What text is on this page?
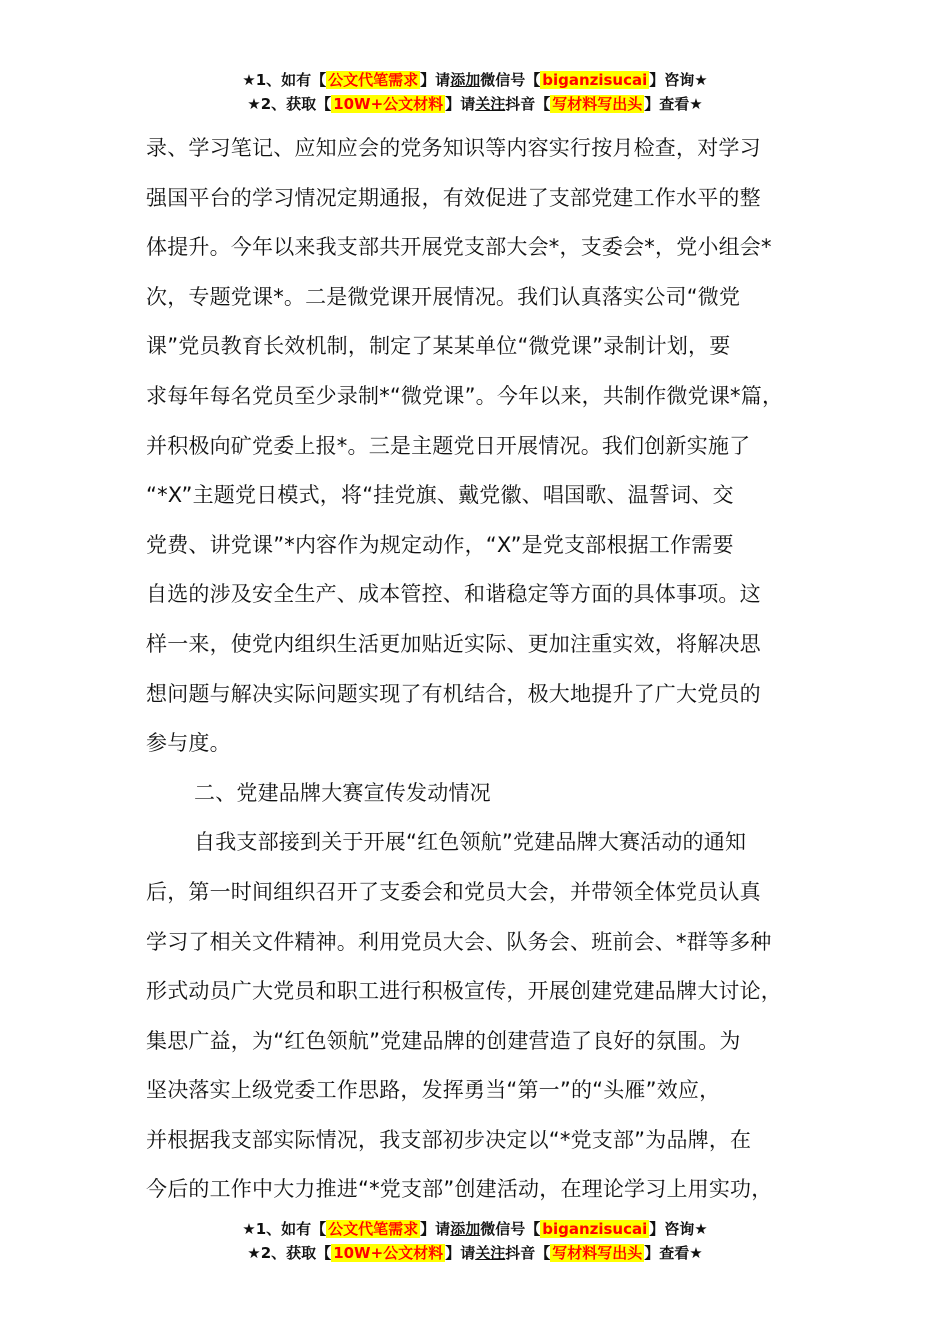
★1、如有【 公文代笔需求 】请添加微信号【 biganzisucai 】咨询★
★2、获取【 10W+公文材料 】请关注抖音【 写材料写出头 】查看★
录、学习笔记、应知应会的党务知识等内容实行按月检查，对学习
强国平台的学习情况定期通报，有效促进了支部党建工作水平的整
体提升。今年以来我支部共开展党支部大会*，支委会*，党小组会*
次，专题党课*。二是微党课开展情况。我们认真落实公司“微党
课”党员教育长效机制，制定了某某单位“微党课”录制计划，要
求每年每名党员至少录制*“微党课”。今年以来，共制作微党课*篇，
并积极向矿党委上报*。三是主题党日开展情况。我们创新实施了
“*X”主题党日模式，将“挂党旗、戴党徽、唱国歌、温誓词、交
党费、讲党课”*内容作为规定动作，“X”是党支部根据工作需要
自选的涉及安全生产、成本管控、和谐稳定等方面的具体事项。这
样一来，使党内组织生活更加贴近实际、更加注重实效，将解决思
想问题与解决实际问题实现了有机结合，极大地提升了广大党员的
参与度。
二、党建品牌大赛宣传发动情况
自我支部接到关于开展“红色领航”党建品牌大赛活动的通知
后，第一时间组织召开了支委会和党员大会，并带领全体党员认真
学习了相关文件精神。利用党员大会、队务会、班前会、*群等多种
形式动员广大党员和职工进行积极宣传，开展创建党建品牌大讨论，
集思广益，为“红色领航”党建品牌的创建营造了良好的氛围。为
坚决落实上级党委工作思路，发挥勇当“第一”的“头雁”效应，
并根据我支部实际情况，我支部初步决定以“*党支部”为品牌，在
今后的工作中大力推进“*党支部”创建活动，在理论学习上用实功，
★1、如有【 公文代笔需求 】请添加微信号【 biganzisucai 】咨询★
★2、获取【 10W+公文材料 】请关注抖音【 写材料写出头 】查看★
